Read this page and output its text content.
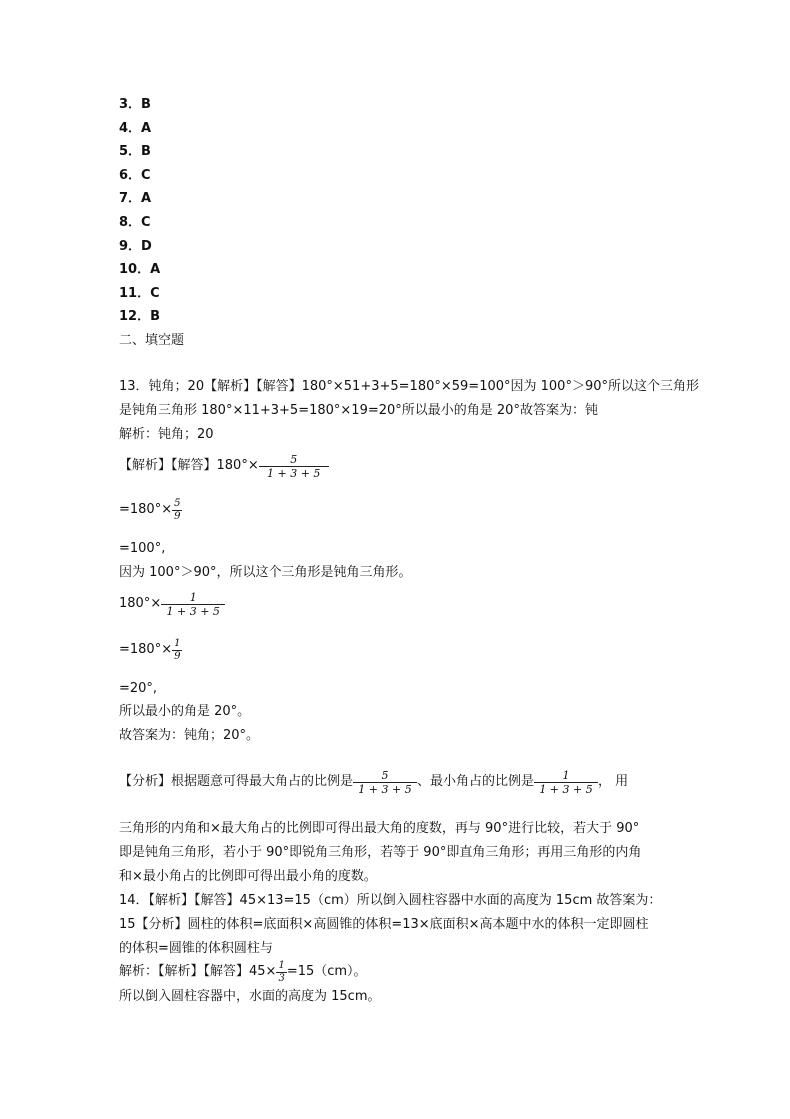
3．B
4．A
5．B
6．C
7．A
8．C
9．D
10．A
11．C
12．B
二、填空题
13．钝角；20【解析】【解答】180°×51+3+5=180°×59=100°因为 100°＞90°所以这个三角形
是钝角三角形 180°×11+3+5=180°×19=20°所以最小的角是 20°故答案为：钝
解析：钝角；20
【解析】【解答】$180^\circ\times \frac{5}{1 + 3 + 5}$
$=180^\circ\times \frac{5}{9}$
=100°,
因为 100°＞90°，所以这个三角形是钝角三角形。
$180^\circ\times \frac{1}{1 + 3 + 5}$
$=180^\circ\times \frac{1}{9}$
=20°,
所以最小的角是 20°。
故答案为：钝角；20°。
【分析】根据题意可得最大角占的比例是 $\frac{5}{1 + 3 + 5}$ 、最小角占的比例是 $\frac{1}{1 + 3 + 5}$ ， 用
三角形的内角和×最大角占的比例即可得出最大角的度数，再与 90°进行比较，若大于 90°
即是钝角三角形，若小于 90°即锐角三角形，若等于 90°即直角三角形；再用三角形的内角
和×最小角占的比例即可得出最小角的度数。
14．【解析】【解答】45×13=15（cm）所以倒入圆柱容器中水面的高度为 15cm 故答案为：
15【分析】圆柱的体积=底面积×高圆锥的体积=13×底面积×高本题中水的体积一定即圆柱
的体积=圆锥的体积圆柱与
解析：【解析】【解答】$45\times \frac{1}{3} =15(cm)$。
所以倒入圆柱容器中，水面的高度为 15cm。
